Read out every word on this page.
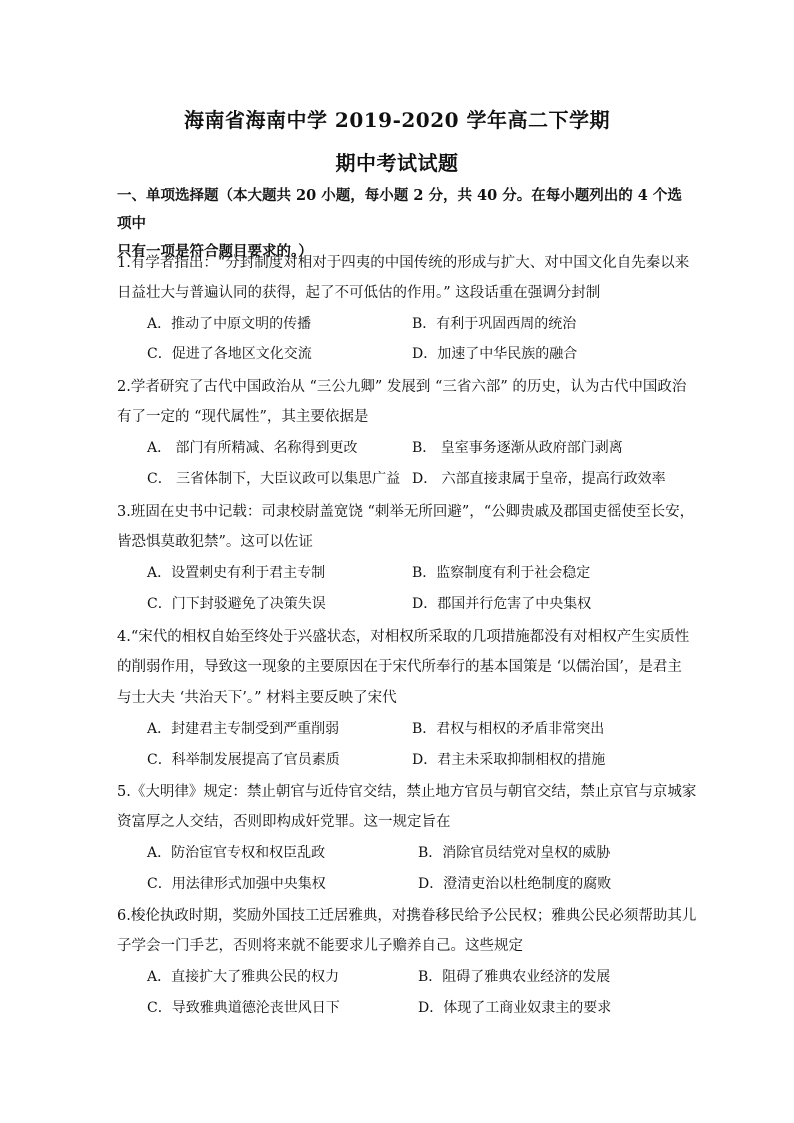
海南省海南中学 2019-2020 学年高二下学期
期中考试试题
一、单项选择题（本大题共 20 小题，每小题 2 分，共 40 分。在每小题列出的 4 个选项中
只有一项是符合题目要求的。）
1.有学者指出：“分封制度对相对于四夷的中国传统的形成与扩大、对中国文化自先秦以来
日益壮大与普遍认同的获得，起了不可低估的作用。” 这段话重在强调分封制
A．推动了中原文明的传播	B．有利于巩固西周的统治
C．促进了各地区文化交流	D．加速了中华民族的融合
2.学者研究了古代中国政治从 “三公九卿” 发展到 “三省六部” 的历史，认为古代中国政治
有了一定的 “现代属性”，其主要依据是
A． 部门有所精减、名称得到更改	B． 皇室事务逐渐从政府部门剥离
C． 三省体制下，大臣议政可以集思广益 D． 六部直接隶属于皇帝，提高行政效率
3.班固在史书中记载：司隶校尉盖宽饶 “刺举无所回避”，“公卿贵戚及郡国吏徭使至长安，
皆恐惧莫敢犯禁”。这可以佐证
A．设置刺史有利于君主专制	B．监察制度有利于社会稳定
C．门下封驳避免了决策失误	D．郡国并行危害了中央集权
4.“宋代的相权自始至终处于兴盛状态，对相权所采取的几项措施都没有对相权产生实质性
的削弱作用，导致这一现象的主要原因在于宋代所奉行的基本国策是 ‘以儒治国’，是君主
与士大夫 ‘共治天下’。” 材料主要反映了宋代
A．封建君主专制受到严重削弱	B．君权与相权的矛盾非常突出
C．科举制发展提高了官员素质	D．君主未采取抑制相权的措施
5.《大明律》规定：禁止朝官与近侍官交结，禁止地方官员与朝官交结，禁止京官与京城家
资富厚之人交结，否则即构成奸党罪。这一规定旨在
A．防治宦官专权和权臣乱政	B．消除官员结党对皇权的威胁
C．用法律形式加强中央集权	D．澄清吏治以杜绝制度的腐败
6.梭伦执政时期，奖励外国技工迁居雅典，对携眷移民给予公民权；雅典公民必须帮助其儿
子学会一门手艺，否则将来就不能要求儿子赡养自己。这些规定
A．直接扩大了雅典公民的权力	B．阻碍了雅典农业经济的发展
C．导致雅典道德沦丧世风日下	D．体现了工商业奴隶主的要求
